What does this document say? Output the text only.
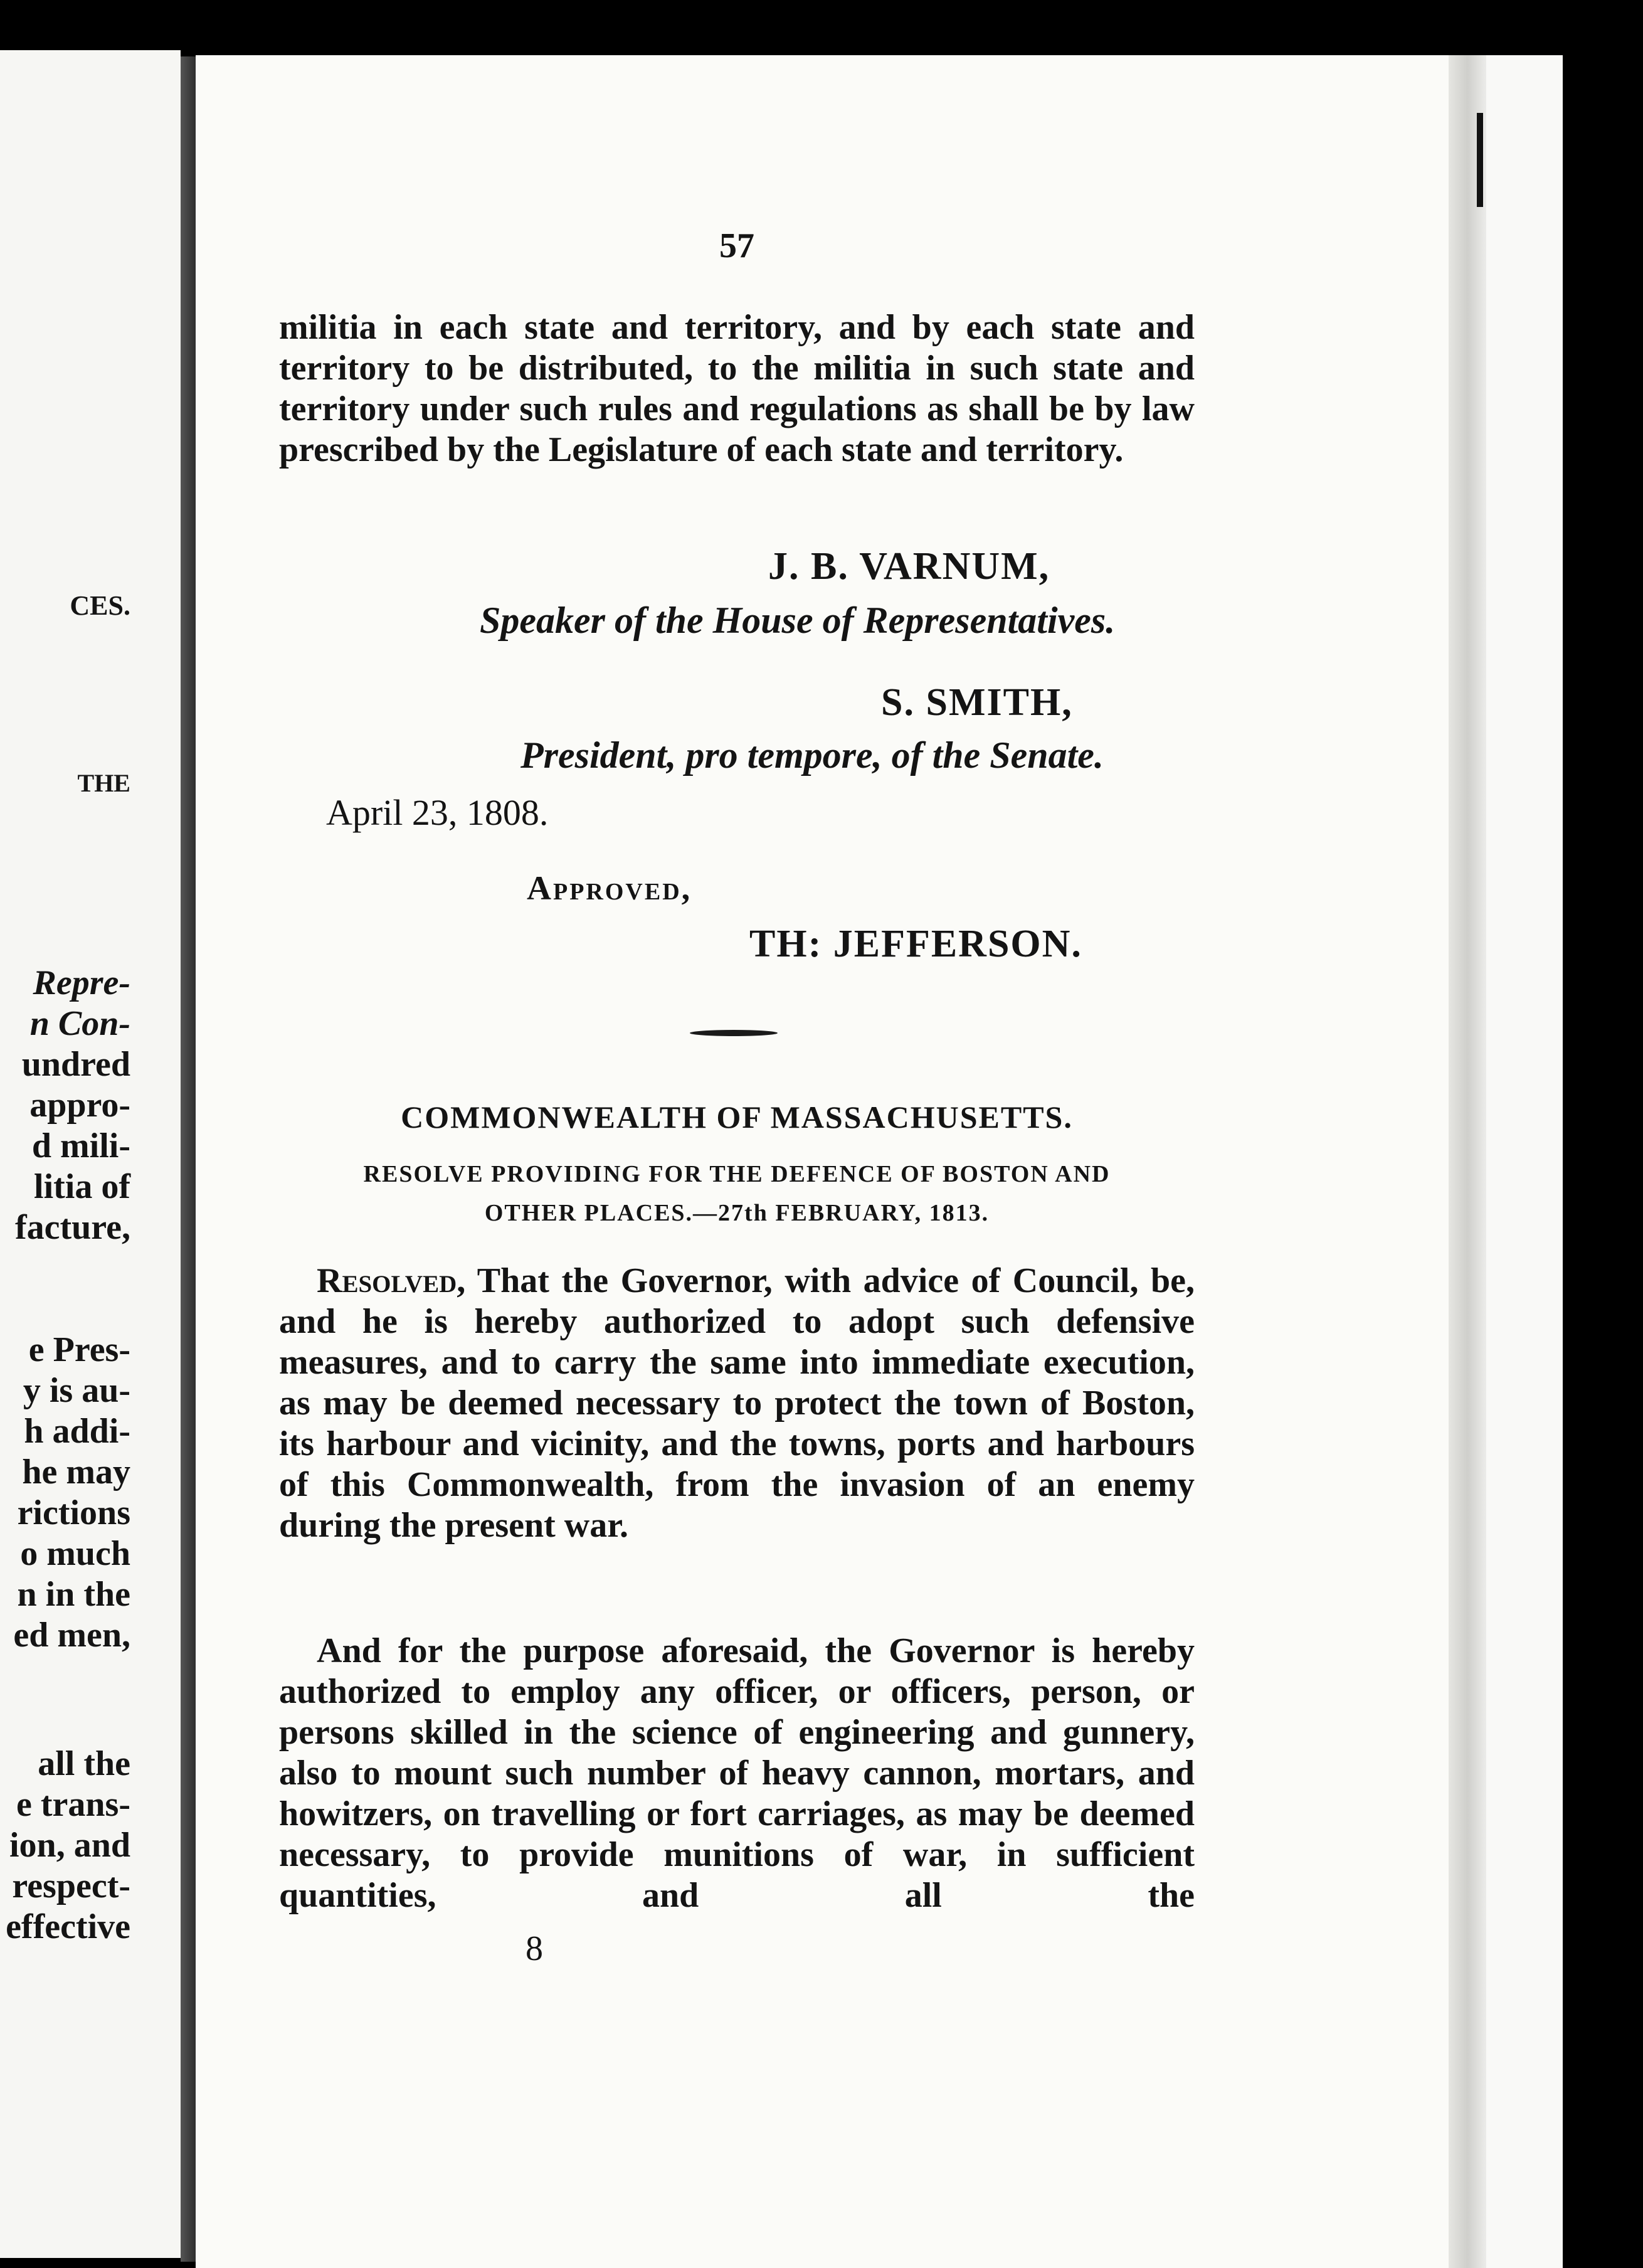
CES.
THE
Repre-
n Con-
undred
appro-
d mili-
litia of
facture,
e Pres-
y is au-
h addi-
he may
rictions
o much
n in the
ed men,
all the
e trans-
ion, and
respect-
effective
57
militia in each state and territory, and by each state and territory to be distributed, to the militia in such state and territory under such rules and regulations as shall be by law prescribed by the Legislature of each state and territory.
J. B. VARNUM,
Speaker of the House of Representatives.
S. SMITH,
President, pro tempore, of the Senate.
April 23, 1808.
Approved,
TH: JEFFERSON.
COMMONWEALTH OF MASSACHUSETTS.
RESOLVE PROVIDING FOR THE DEFENCE OF BOSTON AND
OTHER PLACES.—27th FEBRUARY, 1813.
Resolved, That the Governor, with advice of Council, be, and he is hereby authorized to adopt such defensive measures, and to carry the same into immediate execution, as may be deemed necessary to protect the town of Boston, its harbour and vicinity, and the towns, ports and harbours of this Commonwealth, from the invasion of an enemy during the present war.
And for the purpose aforesaid, the Governor is hereby authorized to employ any officer, or officers, person, or persons skilled in the science of engineering and gunnery, also to mount such number of heavy cannon, mortars, and howitzers, on travelling or fort carriages, as may be deemed necessary, to provide munitions of war, in sufficient quantities, and all the
8
